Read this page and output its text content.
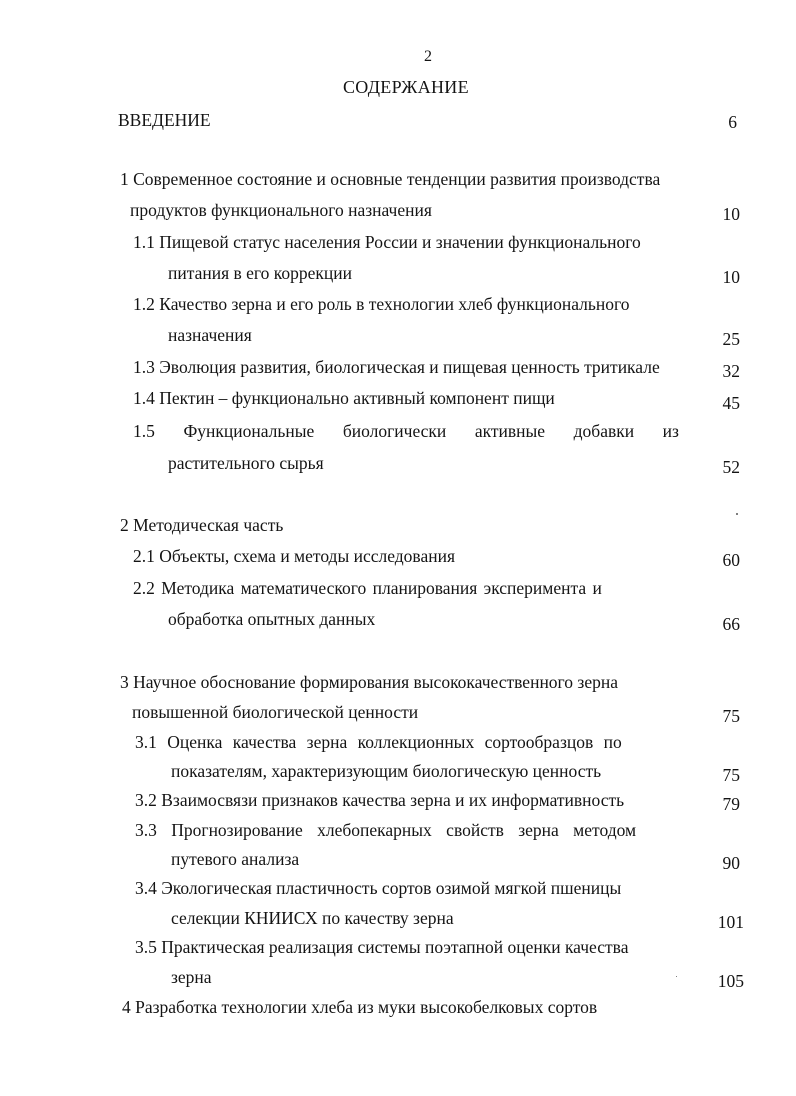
2
СОДЕРЖАНИЕ
ВВЕДЕНИЕ	6
1 Современное состояние и основные тенденции развития производства
продуктов функционального назначения	10
1.1 Пищевой статус населения России и значении функционального
питания в его коррекции	10
1.2 Качество зерна и его роль в технологии хлеб функционального
назначения	25
1.3 Эволюция развития, биологическая и пищевая ценность тритикале	32
1.4 Пектин – функционально активный компонент пищи	45
1.5 Функциональные биологически активные добавки из
растительного сырья	52
2 Методическая часть
2.1 Объекты, схема и методы исследования	60
2.2 Методика математического планирования эксперимента и
обработка опытных данных	66
3 Научное обоснование формирования высококачественного зерна
повышенной биологической ценности	75
3.1 Оценка качества зерна коллекционных сортообразцов по
показателям, характеризующим биологическую ценность	75
3.2 Взаимосвязи признаков качества зерна и их информативность	79
3.3 Прогнозирование хлебопекарных свойств зерна методом
путевого анализа	90
3.4 Экологическая пластичность сортов озимой мягкой пшеницы
селекции КНИИСХ по качеству зерна	101
3.5 Практическая реализация системы поэтапной оценки качества
зерна	105
4 Разработка технологии хлеба из муки высокобелковых сортов
